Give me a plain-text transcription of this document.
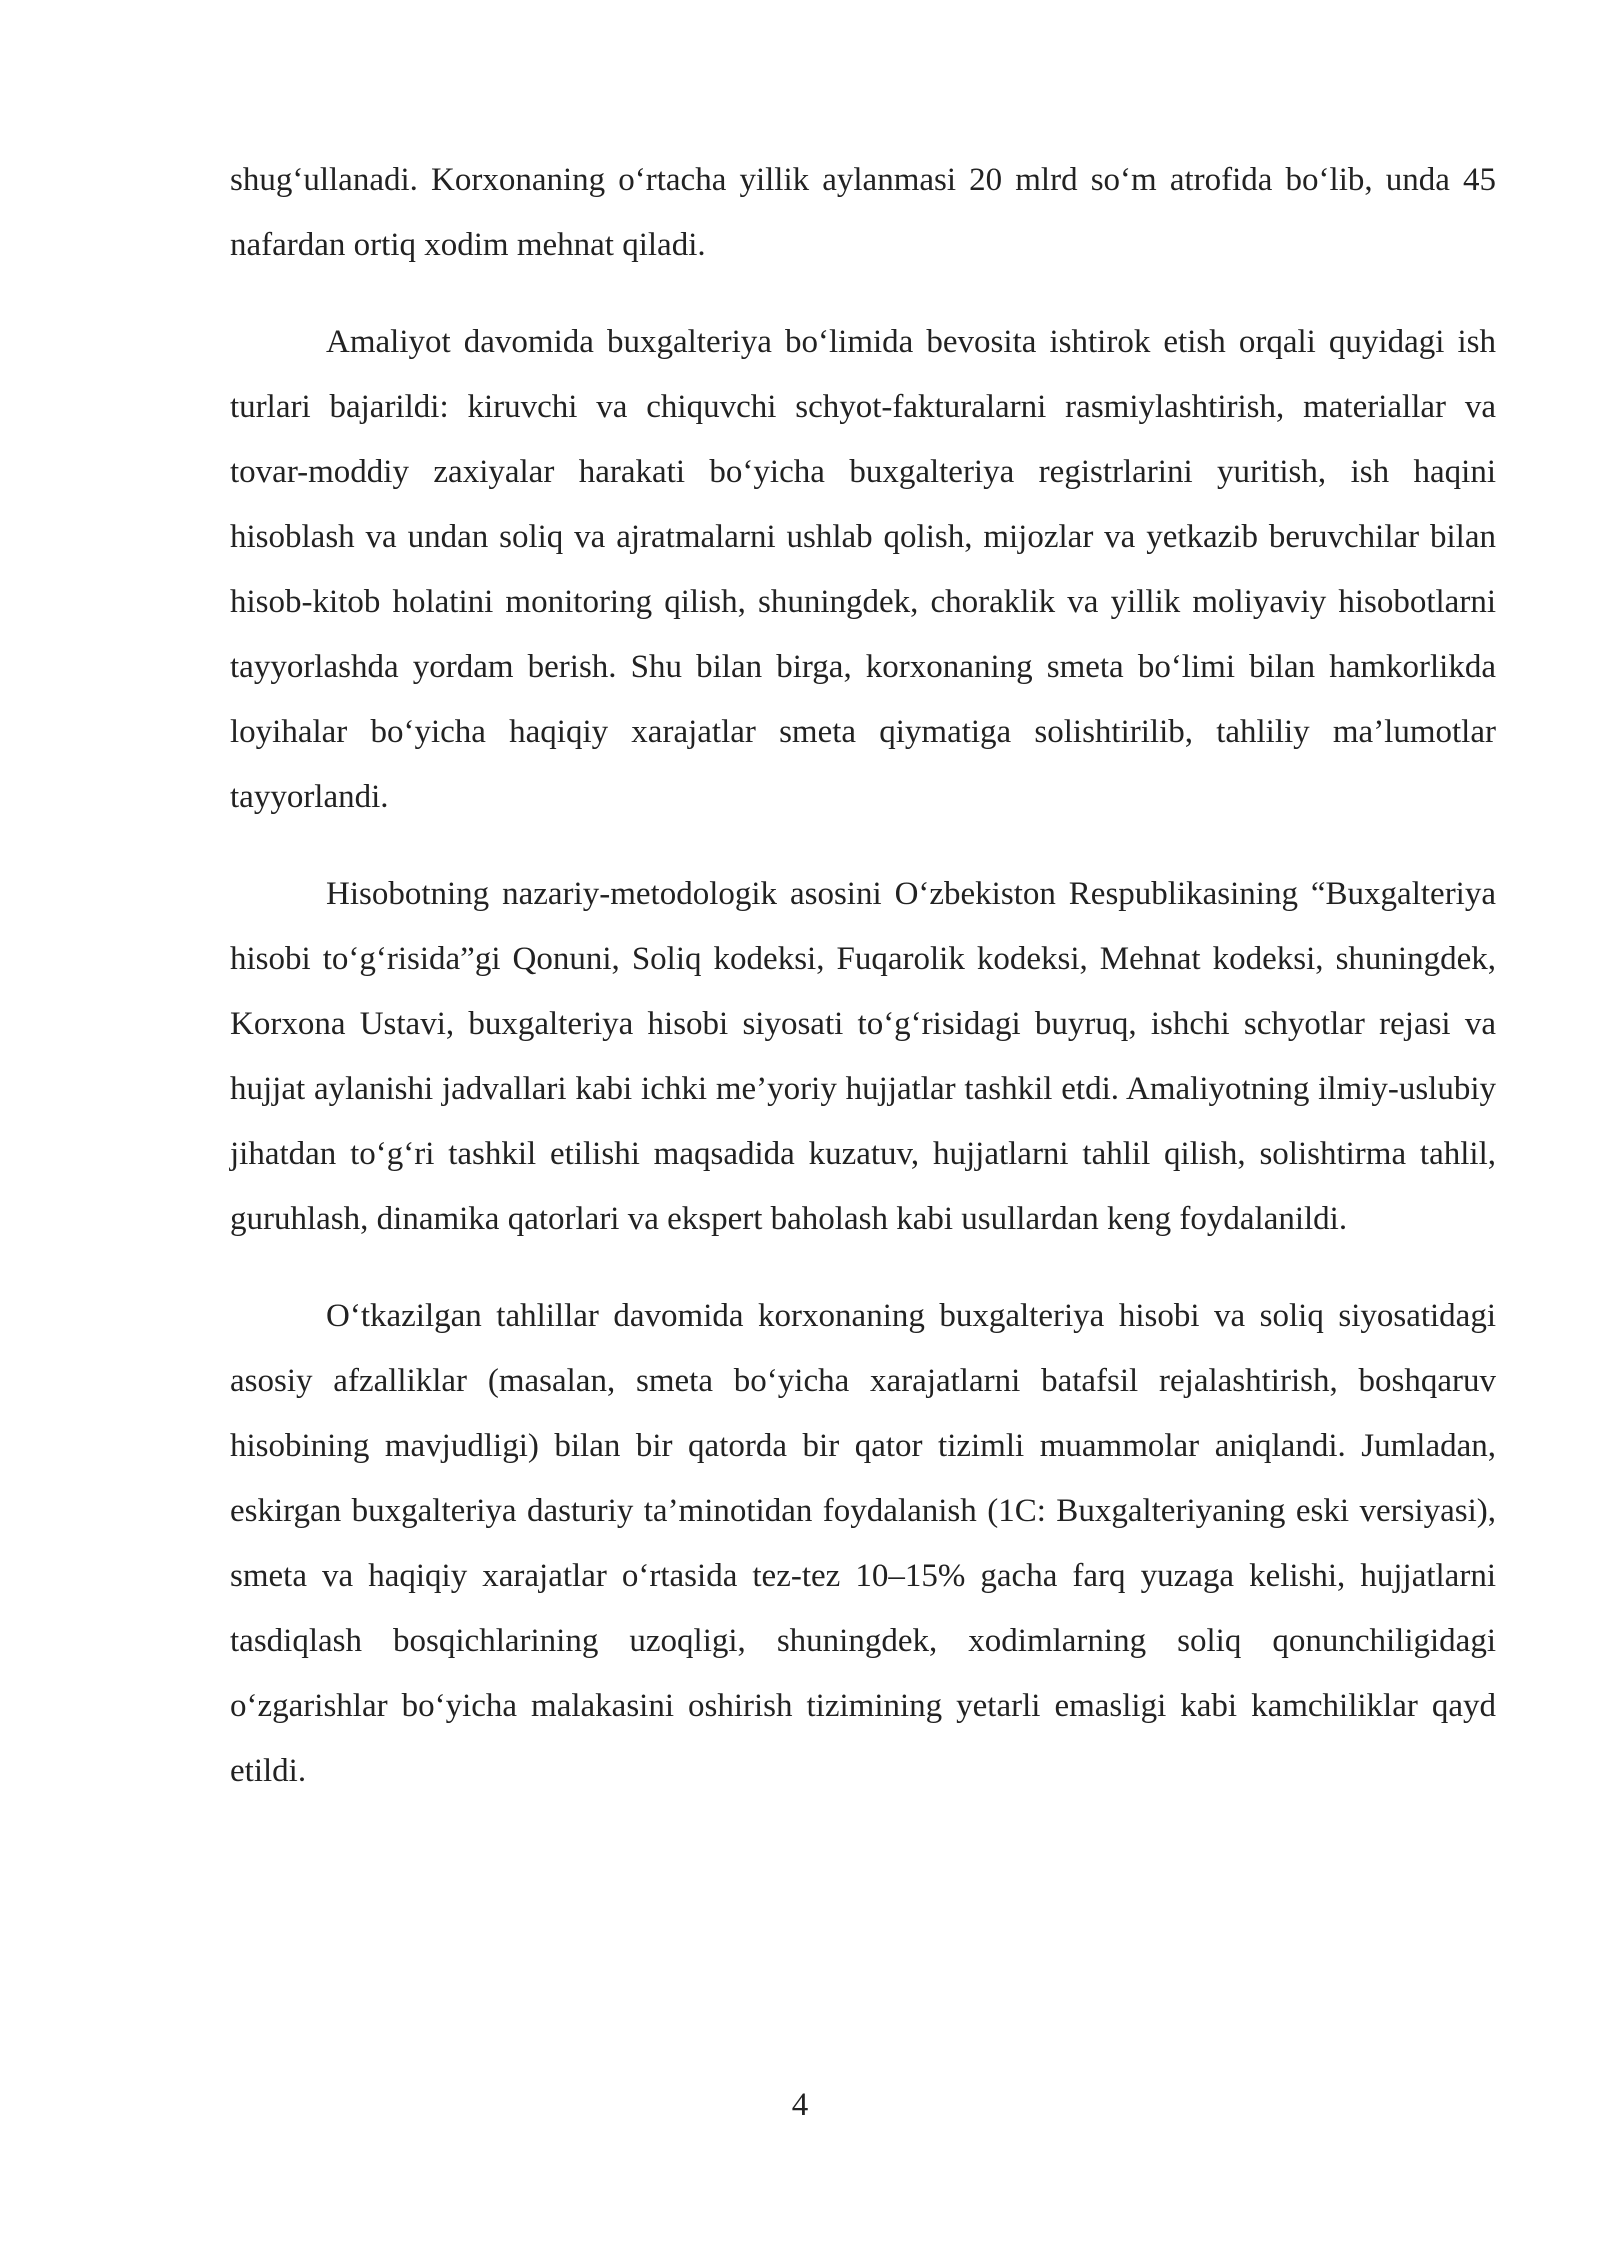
shug‘ullanadi. Korxonaning o‘rtacha yillik aylanmasi 20 mlrd so‘m atrofida bo‘lib, unda 45 nafardan ortiq xodim mehnat qiladi.

Amaliyot davomida buxgalteriya bo‘limida bevosita ishtirok etish orqali quyidagi ish turlari bajarildi: kiruvchi va chiquvchi schyot-fakturalarni rasmiylashtirish, materiallar va tovar-moddiy zaxiyalar harakati bo‘yicha buxgalteriya registrlarini yuritish, ish haqini hisoblash va undan soliq va ajratmalarni ushlab qolish, mijozlar va yetkazib beruvchilar bilan hisob-kitob holatini monitoring qilish, shuningdek, choraklik va yillik moliyaviy hisobotlarni tayyorlashda yordam berish. Shu bilan birga, korxonaning smeta bo‘limi bilan hamkorlikda loyihalar bo‘yicha haqiqiy xarajatlar smeta qiymatiga solishtirilib, tahliliy ma’lumotlar tayyorlandi.

Hisobotning nazariy-metodologik asosini O‘zbekiston Respublikasining “Buxgalteriya hisobi to‘g‘risida”gi Qonuni, Soliq kodeksi, Fuqarolik kodeksi, Mehnat kodeksi, shuningdek, Korxona Ustavi, buxgalteriya hisobi siyosati to‘g‘risidagi buyruq, ishchi schyotlar rejasi va hujjat aylanishi jadvallari kabi ichki me’yoriy hujjatlar tashkil etdi. Amaliyotning ilmiy-uslubiy jihatdan to‘g‘ri tashkil etilishi maqsadida kuzatuv, hujjatlarni tahlil qilish, solishtirma tahlil, guruhlash, dinamika qatorlari va ekspert baholash kabi usullardan keng foydalanildi.

O‘tkazilgan tahlillar davomida korxonaning buxgalteriya hisobi va soliq siyosatidagi asosiy afzalliklar (masalan, smeta bo‘yicha xarajatlarni batafsil rejalashtirish, boshqaruv hisobining mavjudligi) bilan bir qatorda bir qator tizimli muammolar aniqlandi. Jumladan, eskirgan buxgalteriya dasturiy ta’minotidan foydalanish (1C: Buxgalteriyaning eski versiyasi), smeta va haqiqiy xarajatlar o‘rtasida tez-tez 10–15% gacha farq yuzaga kelishi, hujjatlarni tasdiqlash bosqichlarining uzoqligi, shuningdek, xodimlarning soliq qonunchiligidagi o‘zgarishlar bo‘yicha malakasini oshirish tizimining yetarli emasligi kabi kamchiliklar qayd etildi.

4
